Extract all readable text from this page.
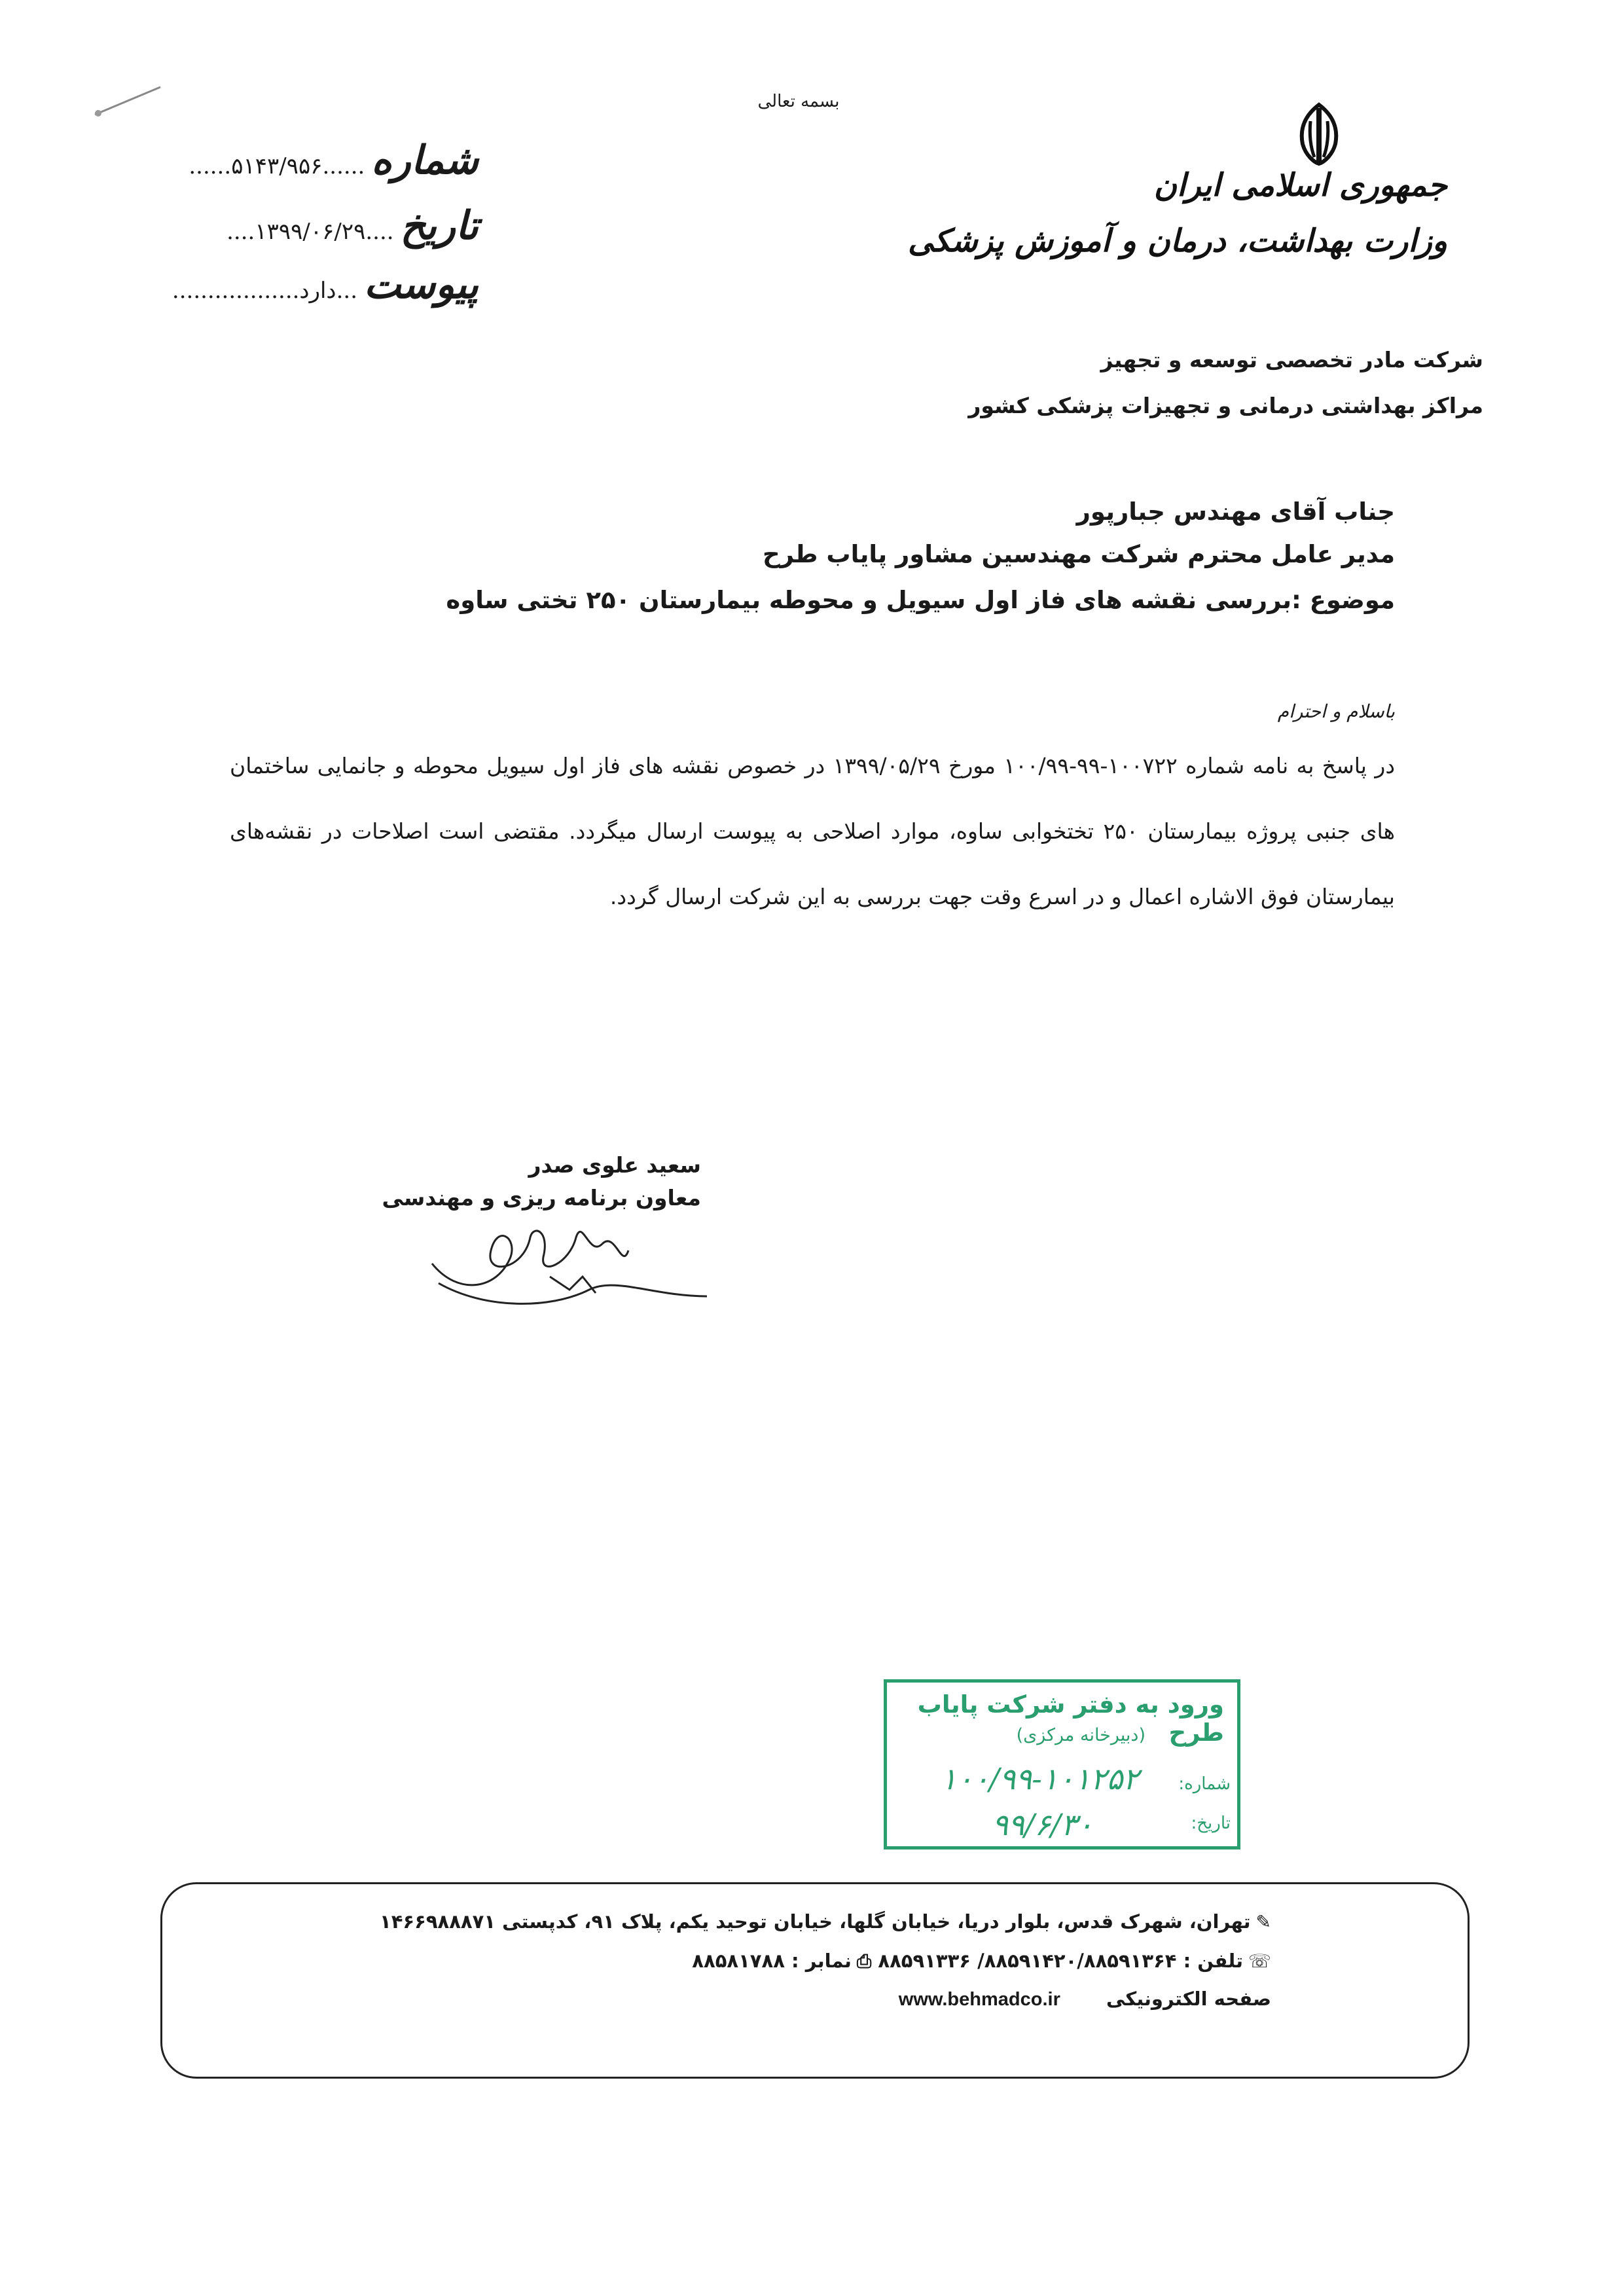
بسمه تعالی
جمهوری اسلامی ایران
وزارت بهداشت، درمان و آموزش پزشکی
شرکت مادر تخصصی توسعه و تجهیز
مراکز بهداشتی درمانی و تجهیزات پزشکی کشور
شماره
......۵۱۴۳/۹۵۶......
تاریخ
....۱۳۹۹/۰۶/۲۹....
پیوست
...دارد..................
جناب آقای مهندس جبارپور
مدیر عامل محترم شرکت مهندسین مشاور پایاب طرح
موضوع :بررسی نقشه های فاز اول سیویل و محوطه بیمارستان ۲۵۰ تختی ساوه
باسلام و احترام
در پاسخ به نامه شماره ۱۰۰۷۲۲-۹۹-۱۰۰/۹۹ مورخ ۱۳۹۹/۰۵/۲۹ در خصوص نقشه های فاز اول سیویل محوطه و جانمایی ساختمان های جنبی پروژه بیمارستان ۲۵۰ تختخوابی ساوه، موارد اصلاحی به پیوست ارسال میگردد. مقتضی است اصلاحات در نقشه‌های بیمارستان فوق الاشاره اعمال و در اسرع وقت جهت بررسی به این شرکت ارسال گردد.
سعید علوی صدر
معاون برنامه ریزی و مهندسی
ورود به دفتر شرکت پایاب طرح
(دبیرخانه مرکزی)
شماره:
۱۰۰/۹۹-۱۰۱۲۵۲
تاریخ:
۹۹/۶/۳۰
✎تهران، شهرک قدس، بلوار دریا، خیابان گلها، خیابان توحید یکم، پلاک ۹۱، کدپستی ۱۴۶۶۹۸۸۸۷۱
☏تلفن : ۸۸۵۹۱۴۲۰/۸۸۵۹۱۳۶۴/ ۸۸۵۹۱۳۳۶ ⎙نمابر : ۸۸۵۸۱۷۸۸
صفحه الکترونیکی www.behmadco.ir
